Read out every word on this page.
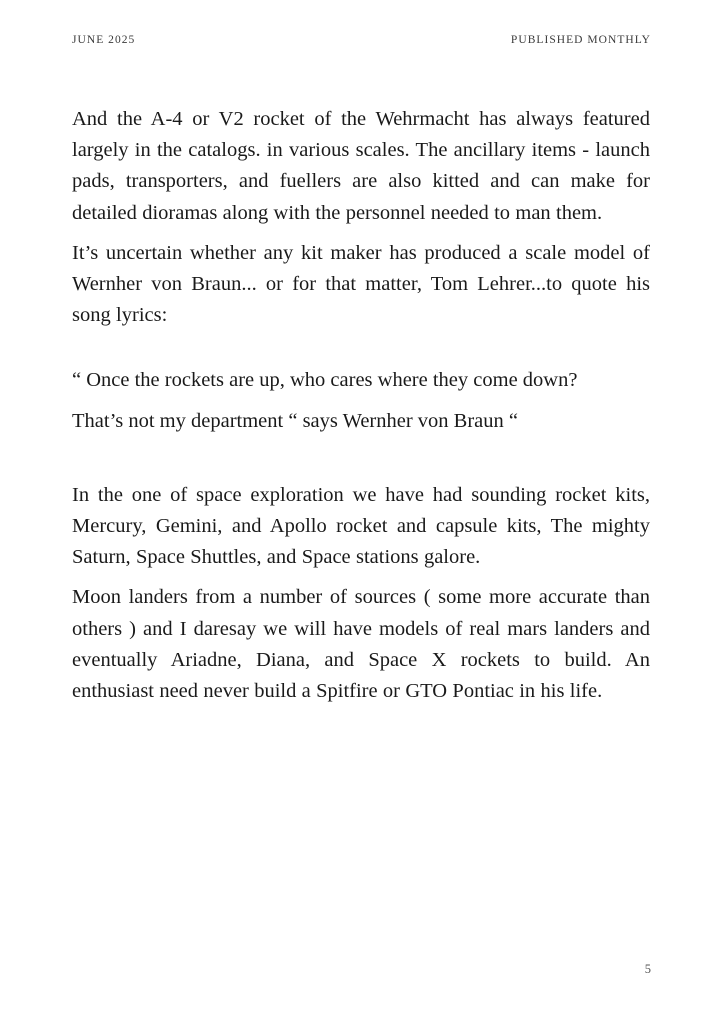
JUNE 2025	PUBLISHED MONTHLY

And the A-4 or V2 rocket of the Wehrmacht has always featured largely in the catalogs. in various scales. The ancillary items - launch pads, transporters, and fuellers are also kitted and can make for detailed dioramas along with the personnel needed to man them.

It’s uncertain whether any kit maker has produced a scale model of Wernher von Braun... or for that matter, Tom Lehrer...to quote his song lyrics:

“ Once the rockets are up, who cares where they come down?

That’s not my department “ says Wernher von Braun “

In the one of space exploration we have had sounding rocket kits, Mercury, Gemini, and Apollo rocket and capsule kits, The mighty Saturn, Space Shuttles, and Space stations galore.

Moon landers from a number of sources ( some more accurate than others ) and I daresay we will have models of real mars landers and eventually Ariadne, Diana, and Space X rockets to build. An enthusiast need never build a Spitfire or GTO Pontiac in his life.

5
